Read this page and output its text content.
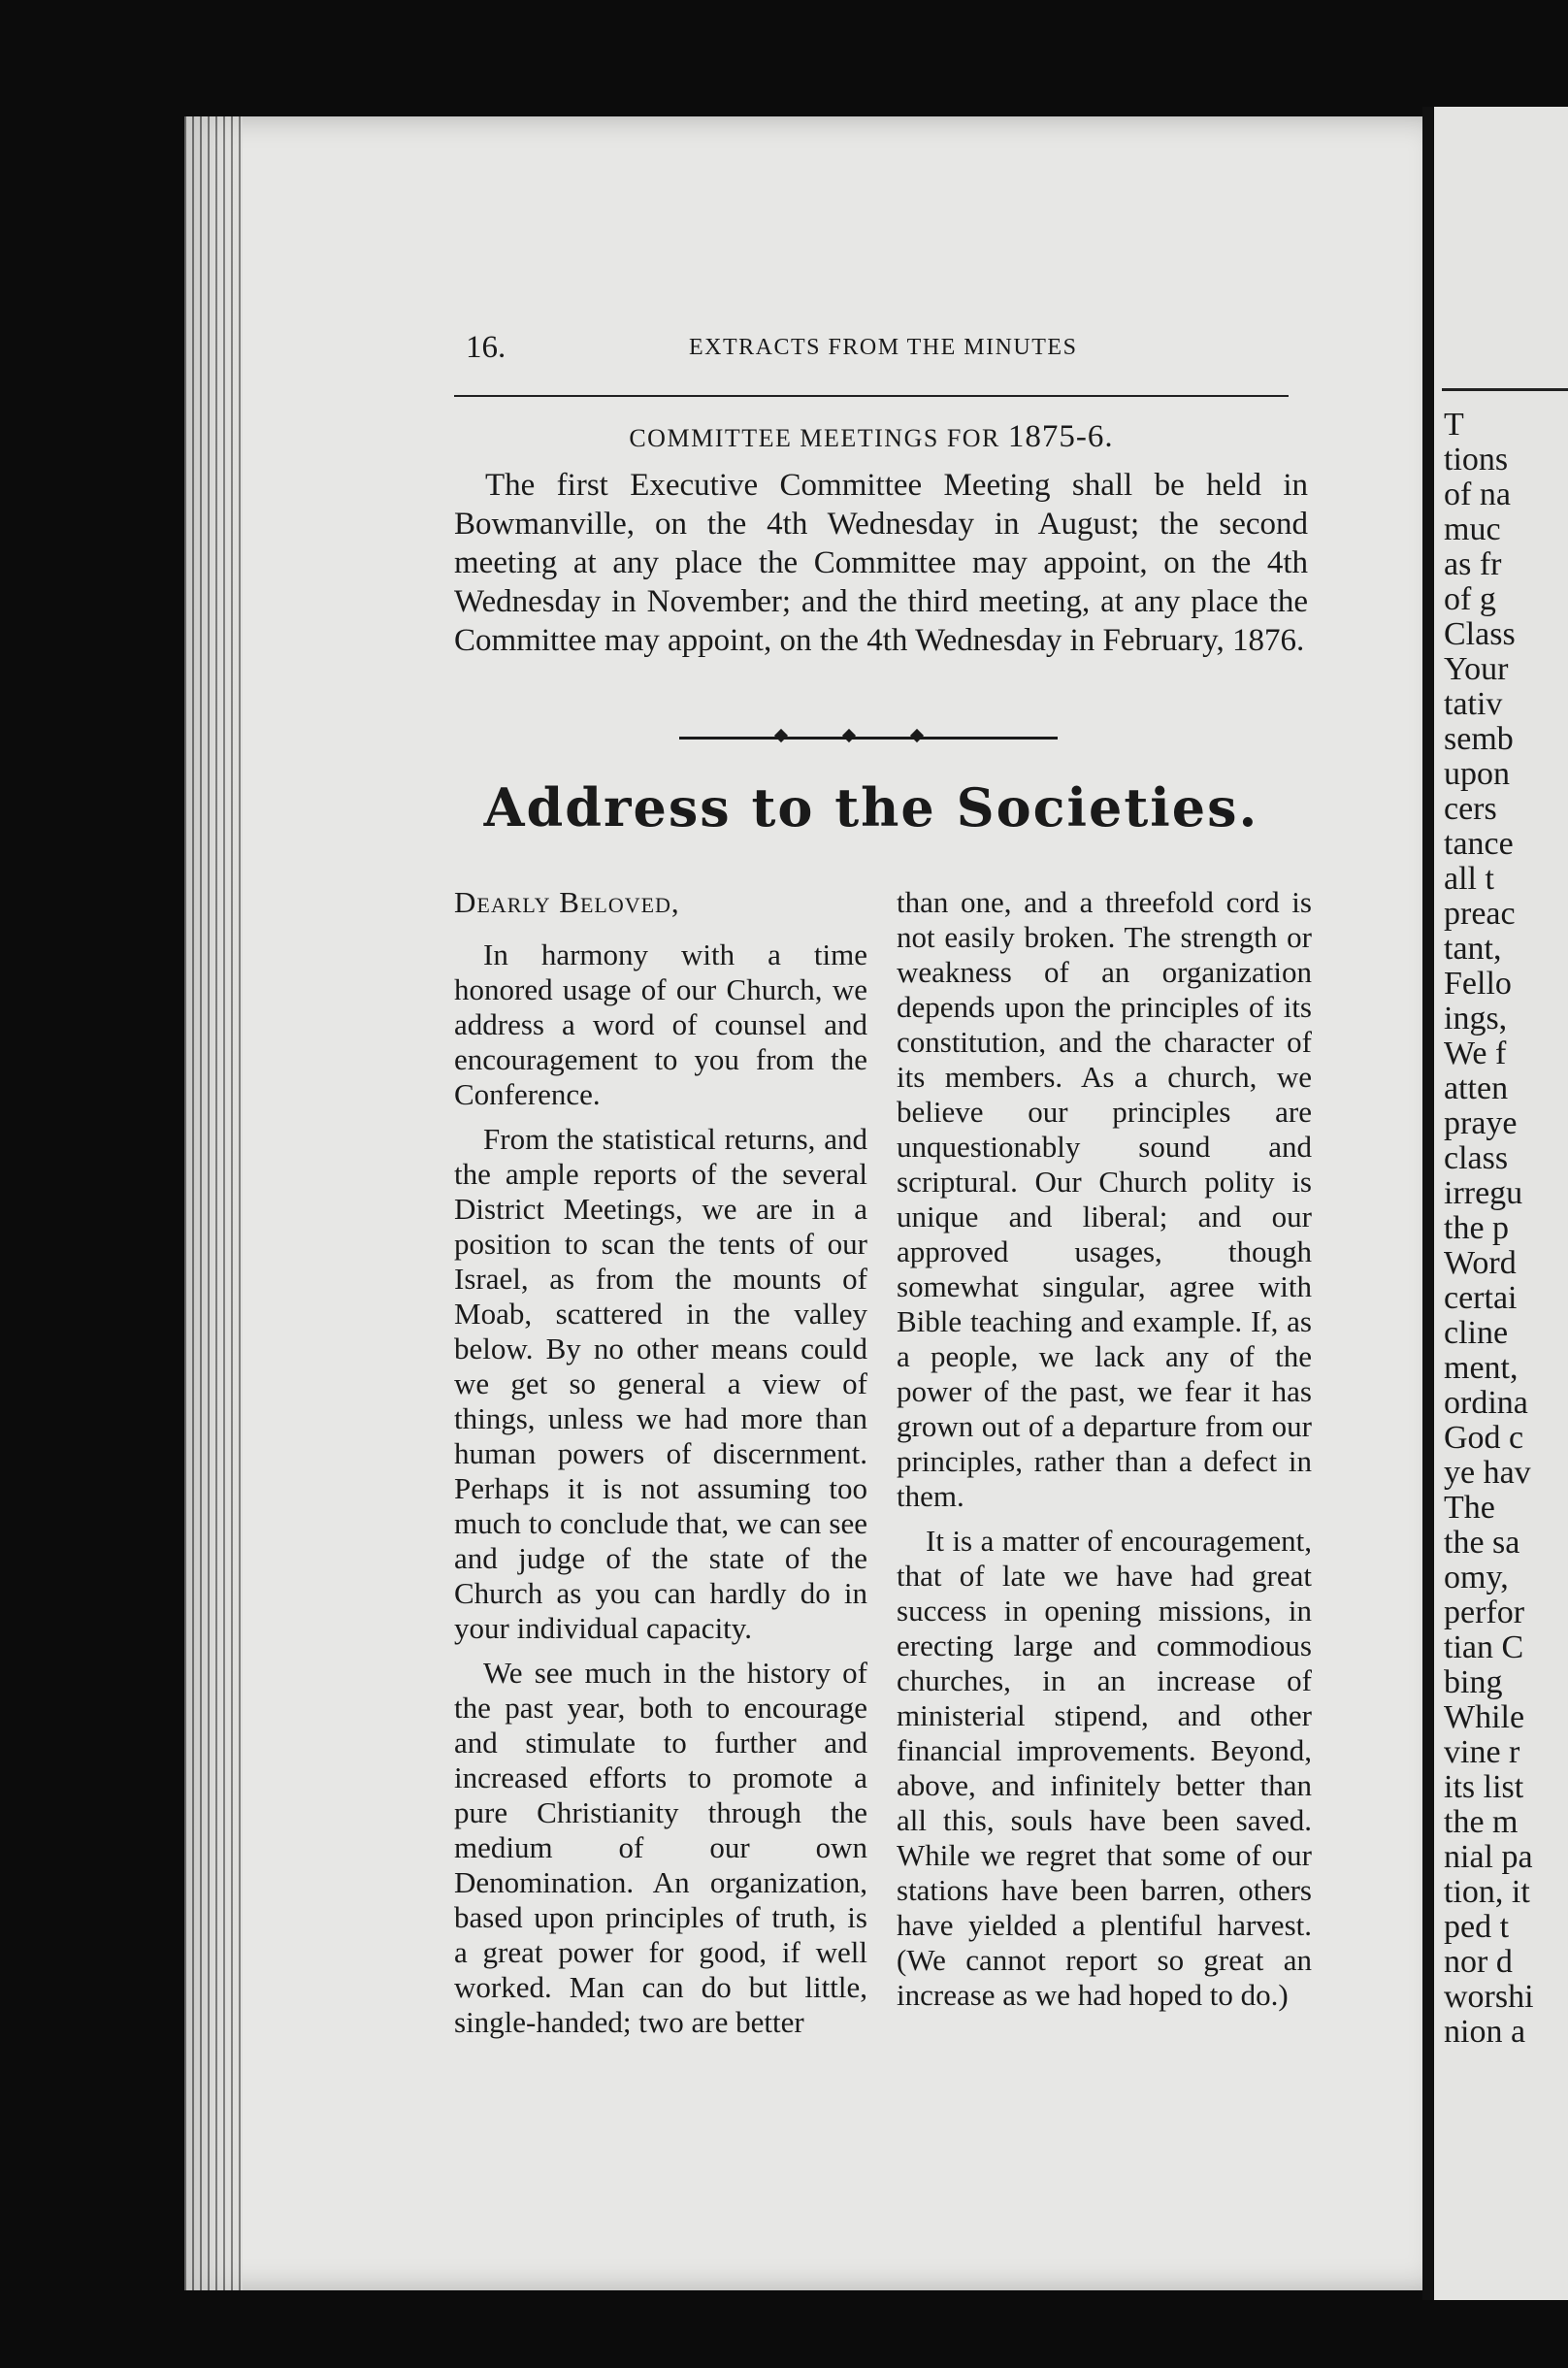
T
tions
of na
muc
as fr
of g
Class
Your
tativ
semb
upon
cers
tance
all t
preac
tant,
Fello
ings,
We f
atten
praye
class
irregu
the p
Word
certai
cline
ment,
ordina
God c
ye hav
The
the sa
omy,
perfor
tian C
bing
While
vine r
its list
the m
nial pa
tion, it
ped t
nor d
worshi
nion a
16.	EXTRACTS FROM THE MINUTES
COMMITTEE MEETINGS FOR 1875-6.

The first Executive Committee Meeting shall be held in Bowmanville, on the 4th Wednesday in August; the second meeting at any place the Committee may appoint, on the 4th Wednesday in November; and the third meeting, at any place the Committee may appoint, on the 4th Wednesday in February, 1876.

Address to the Societies.

Dearly Beloved,

In harmony with a time honored usage of our Church, we address a word of counsel and encouragement to you from the Conference.

From the statistical returns, and the ample reports of the several District Meetings, we are in a position to scan the tents of our Israel, as from the mounts of Moab, scattered in the valley below. By no other means could we get so general a view of things, unless we had more than human powers of discernment. Perhaps it is not assuming too much to conclude that, we can see and judge of the state of the Church as you can hardly do in your individual capacity.

We see much in the history of the past year, both to encourage and stimulate to further and increased efforts to promote a pure Christianity through the medium of our own Denomination. An organization, based upon principles of truth, is a great power for good, if well worked. Man can do but little, single-handed; two are better

than one, and a threefold cord is not easily broken. The strength or weakness of an organization depends upon the principles of its constitution, and the character of its members. As a church, we believe our principles are unquestionably sound and scriptural. Our Church polity is unique and liberal; and our approved usages, though somewhat singular, agree with Bible teaching and example. If, as a people, we lack any of the power of the past, we fear it has grown out of a departure from our principles, rather than a defect in them.

It is a matter of encouragement, that of late we have had great success in opening missions, in erecting large and commodious churches, in an increase of ministerial stipend, and other financial improvements. Beyond, above, and infinitely better than all this, souls have been saved. While we regret that some of our stations have been barren, others have yielded a plentiful harvest. (We cannot report so great an increase as we had hoped to do.)
